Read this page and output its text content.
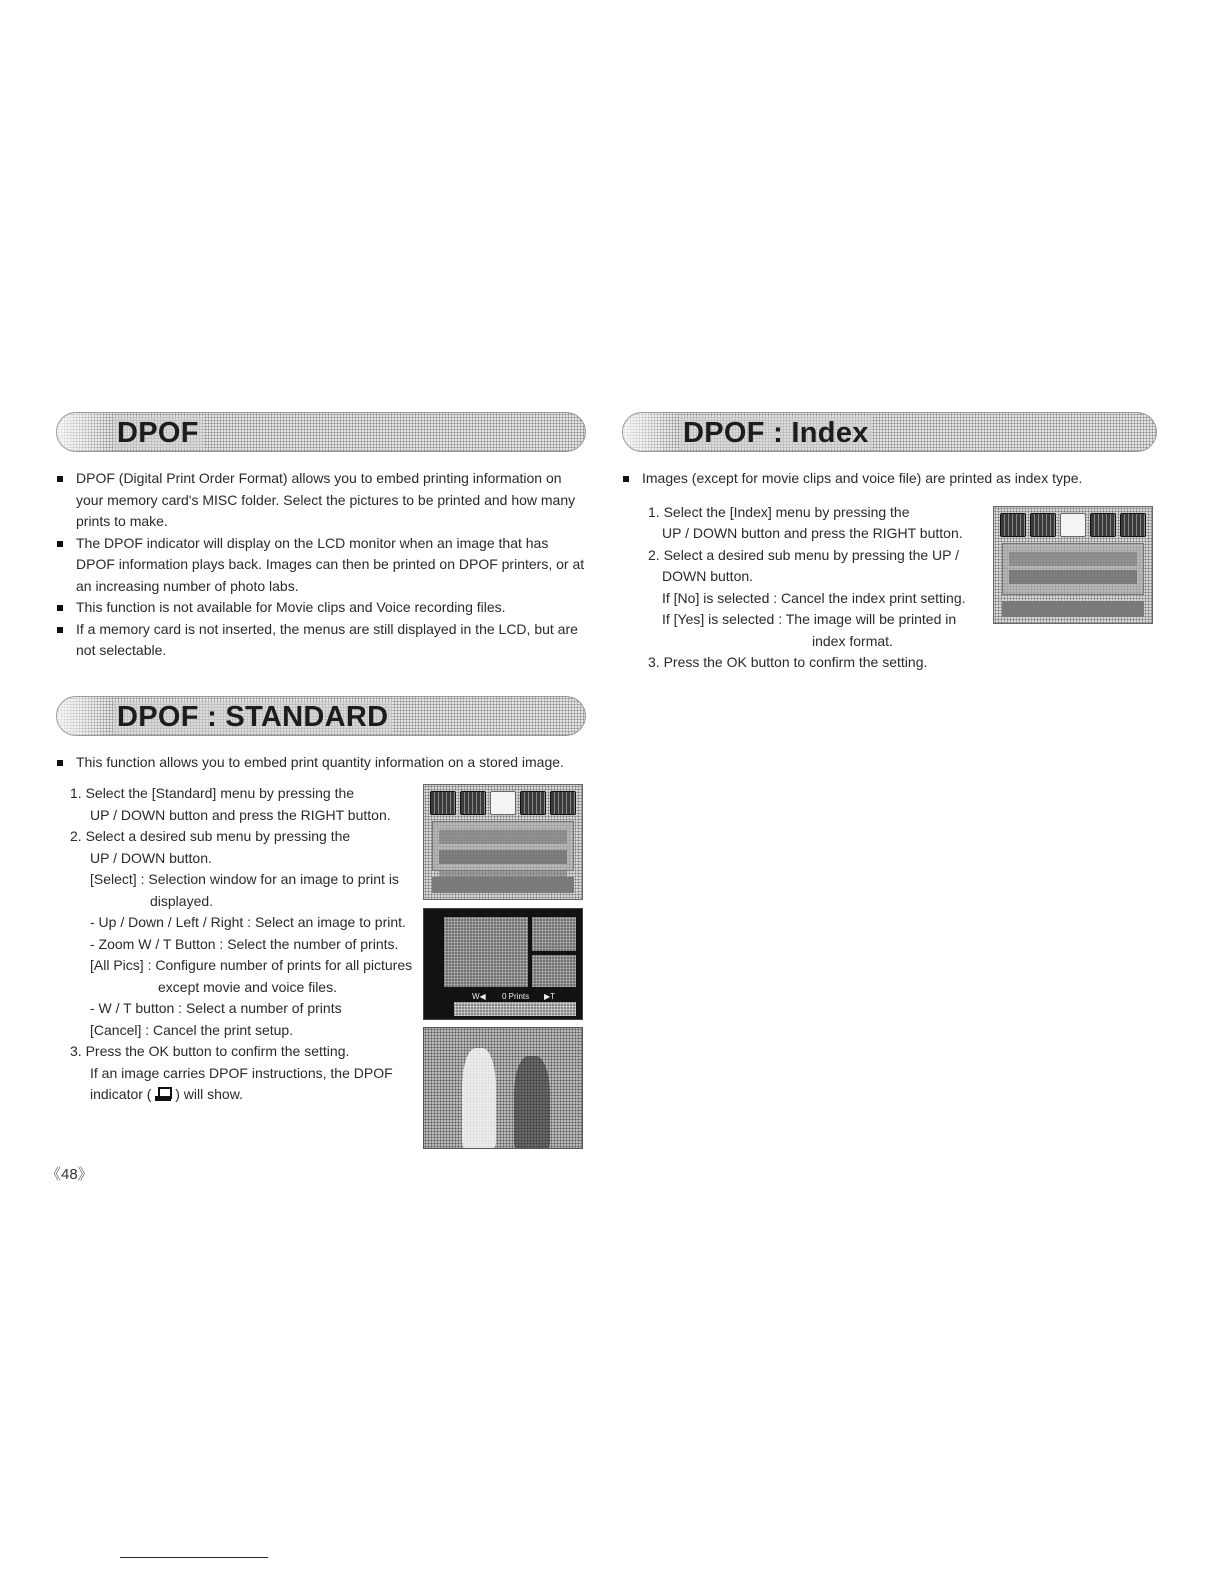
DPOF
DPOF (Digital Print Order Format) allows you to embed printing information on your memory card's MISC folder. Select the pictures to be printed and how many prints to make.
The DPOF indicator will display on the LCD monitor when an image that has DPOF information plays back. Images can then be printed on DPOF printers, or at an increasing number of photo labs.
This function is not available for Movie clips and Voice recording files.
If a memory card is not inserted, the menus are still displayed in the LCD, but are not selectable.
DPOF : STANDARD
This function allows you to embed print quantity information on a stored image.

1. Select the [Standard] menu by pressing the

UP / DOWN button and press the RIGHT button.

2. Select a desired sub menu by pressing the

UP / DOWN button.

[Select] : Selection window for an image to print is

displayed.

- Up / Down / Left / Right : Select an image to print.

- Zoom W / T Button : Select the number of prints.

[All Pics] : Configure number of prints for all pictures

except movie and voice files.

- W / T button : Select a number of prints

[Cancel] : Cancel the print setup.

3. Press the OK button to confirm the setting.

If an image carries DPOF instructions, the DPOF

indicator ( ) will show.

W◀ 0 Prints ▶T
DPOF : Index
Images (except for movie clips and voice file) are printed as index type.

1. Select the [Index] menu by pressing the

UP / DOWN button and press the RIGHT button.

2. Select a desired sub menu by pressing the UP /

DOWN button.

If [No] is selected : Cancel the index print setting.

If [Yes] is selected : The image will be printed in

index format.

3. Press the OK button to confirm the setting.

《48》
